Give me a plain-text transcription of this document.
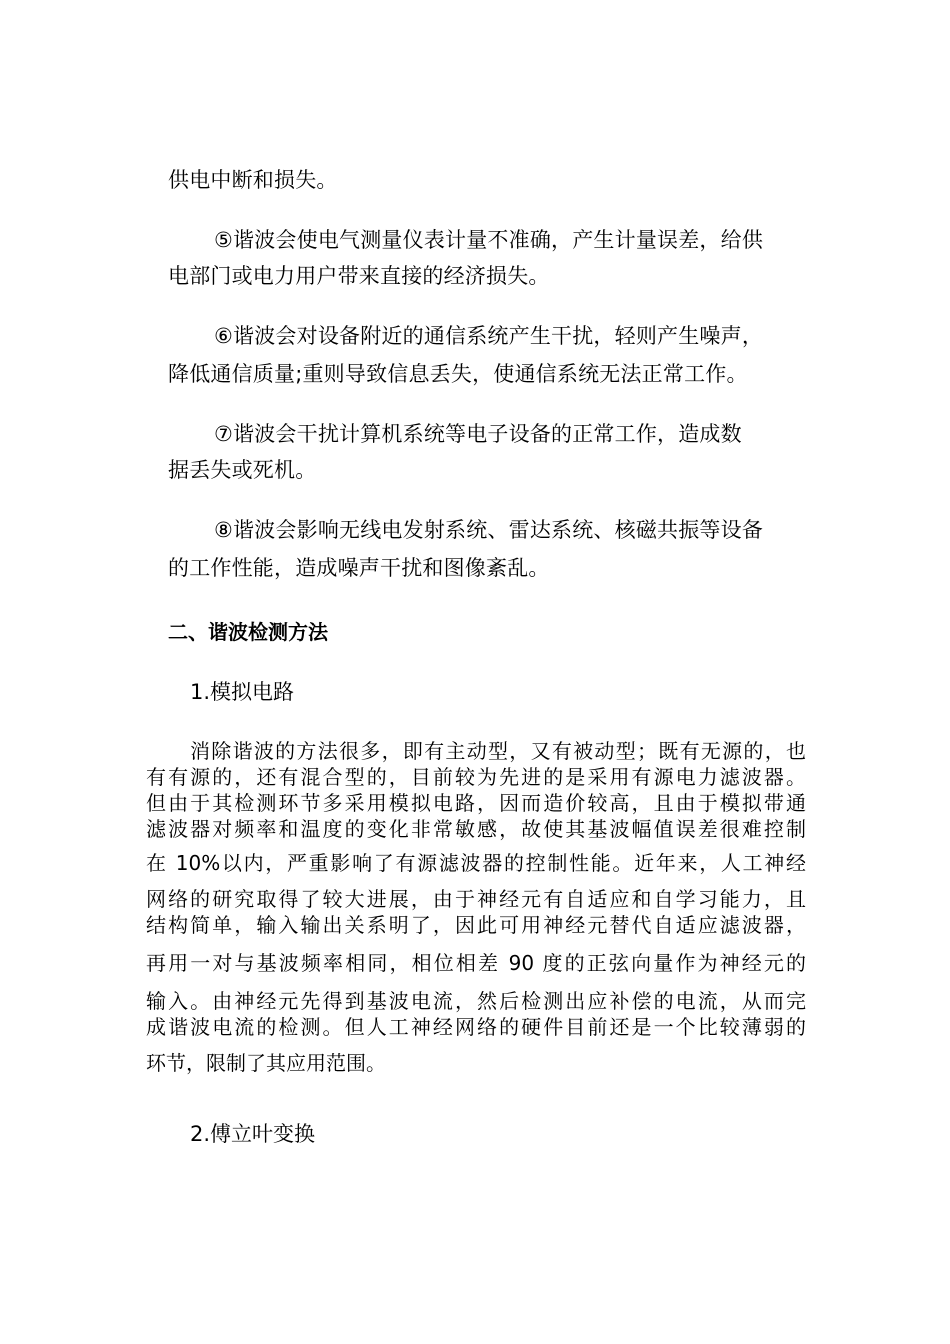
供电中断和损失。
⑤谐波会使电气测量仪表计量不准确，产生计量误差，给供
电部门或电力用户带来直接的经济损失。
⑥谐波会对设备附近的通信系统产生干扰，轻则产生噪声，
降低通信质量;重则导致信息丢失，使通信系统无法正常工作。
⑦谐波会干扰计算机系统等电子设备的正常工作，造成数
据丢失或死机。
⑧谐波会影响无线电发射系统、雷达系统、核磁共振等设备
的工作性能，造成噪声干扰和图像紊乱。
二、谐波检测方法
1.模拟电路
消除谐波的方法很多，即有主动型，又有被动型；既有无源的，也
有有源的，还有混合型的，目前较为先进的是采用有源电力滤波器。
但由于其检测环节多采用模拟电路，因而造价较高，且由于模拟带通
滤波器对频率和温度的变化非常敏感，故使其基波幅值误差很难控制
在 10%以内，严重影响了有源滤波器的控制性能。近年来，人工神经
网络的研究取得了较大进展，由于神经元有自适应和自学习能力，且
结构简单，输入输出关系明了，因此可用神经元替代自适应滤波器，
再用一对与基波频率相同，相位相差 90 度的正弦向量作为神经元的
输入。由神经元先得到基波电流，然后检测出应补偿的电流，从而完
成谐波电流的检测。但人工神经网络的硬件目前还是一个比较薄弱的
环节，限制了其应用范围。
2.傅立叶变换
